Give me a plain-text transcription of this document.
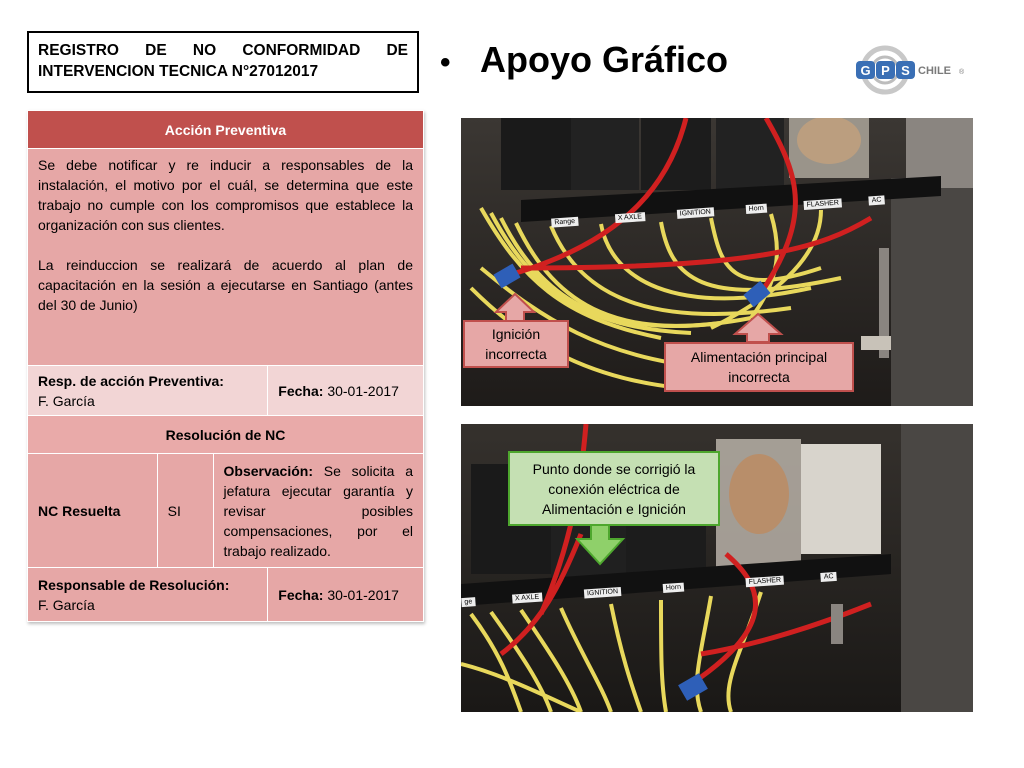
REGISTRO DE NO CONFORMIDAD DE

INTERVENCION TECNICA N°27012017	• Apoyo Gráfico	G P S CHILE ®
Acción Preventiva			

Se debe notificar y re inducir a responsables de la instalación, el motivo por el cuál, se determina que este trabajo no cumple con los compromisos que establece la organización con sus clientes.

La reinduccion se realizará de acuerdo al plan de capacitación en la sesión a ejecutarse en Santiago (antes del 30 de Junio)			

Resp. de acción Preventiva:
F. García			Fecha: 30-01-2017
Resolución de NC			
NC Resuelta	SI	Observación: Se solicita a jefatura ejecutar garantía y revisar posibles compensaciones, por el trabajo realizado.	
Responsable de Resolución:
F. García			Fecha: 30-01-2017
Range X AXLE	IGNITION	Horn FLASHER	AC
Ignición incorrecta	Alimentación principal incorrecta
ge	X AXLE IGNITION Horn FLASHER	AC
Punto donde se corrigió la conexión eléctrica de Alimentación e Ignición
